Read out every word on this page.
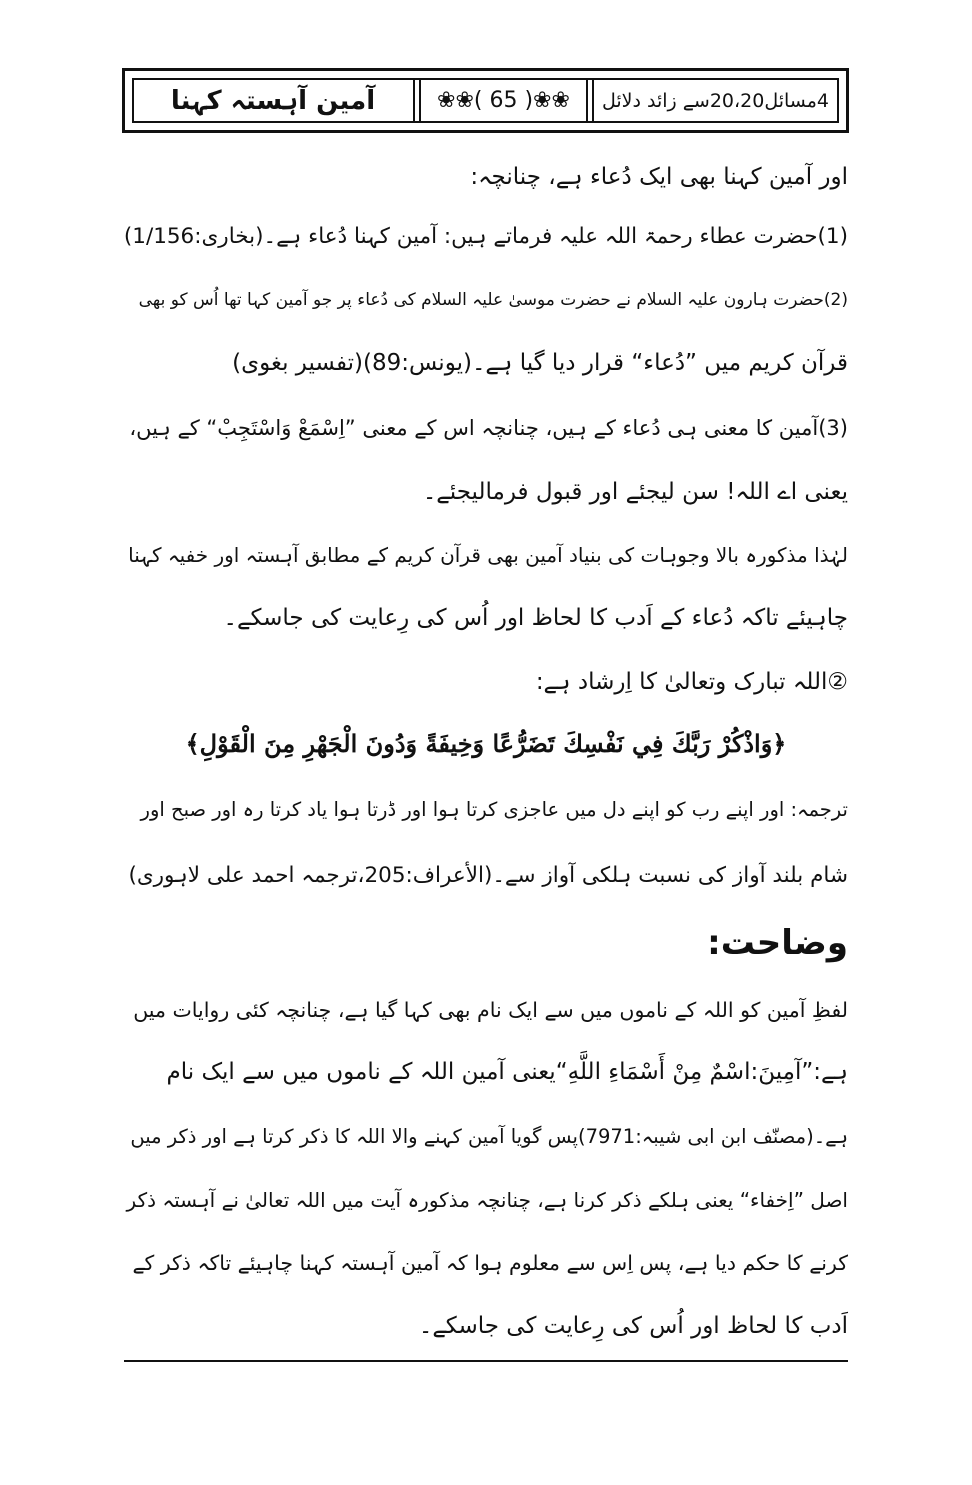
4مسائل20،20سے زائد دلائل
❀❀( 65 )❀❀
آمین آہستہ کہنا
اور آمین کہنا بھی ایک دُعاء ہے، چنانچہ:
(1)حضرت عطاء رحمۃ اللہ علیہ فرماتے ہیں: آمین کہنا دُعاء ہے۔(بخاری:1/156)
(2)حضرت ہارون علیہ السلام نے حضرت موسیٰ علیہ السلام کی دُعاء پر جو آمین کہا تھا اُس کو بھی
قرآن کریم میں ”دُعاء“ قرار دیا گیا ہے۔(یونس:89)(تفسیر بغوی)
(3)آمین کا معنی ہی دُعاء کے ہیں، چنانچہ اس کے معنی ”اِسْمَعْ وَاسْتَجِبْ“ کے ہیں،
یعنی اے اللہ! سن لیجئے اور قبول فرمالیجئے۔
لہٰذا مذکورہ بالا وجوہات کی بنیاد آمین بھی قرآن کریم کے مطابق آہستہ اور خفیہ کہنا
چاہیئے تاکہ دُعاء کے اَدب کا لحاظ اور اُس کی رِعایت کی جاسکے۔
②اللہ تبارک وتعالیٰ کا اِرشاد ہے:
﴿وَاذْكُرْ رَبَّكَ فِي نَفْسِكَ تَضَرُّعًا وَخِيفَةً وَدُونَ الْجَهْرِ مِنَ الْقَوْلِ﴾
ترجمہ: اور اپنے رب کو اپنے دل میں عاجزی کرتا ہوا اور ڈرتا ہوا یاد کرتا رہ اور صبح اور
شام بلند آواز کی نسبت ہلکی آواز سے۔(الأعراف:205،ترجمہ احمد علی لاہوری)
وضاحت:
لفظِ آمین کو اللہ کے ناموں میں سے ایک نام بھی کہا گیا ہے، چنانچہ کئی روایات میں
ہے:”آمِینَ:اسْمٌ مِنْ أَسْمَاءِ اللَّهِ“یعنی آمین اللہ کے ناموں میں سے ایک نام
ہے۔(مصنّف ابن ابی شیبہ:7971)پس گویا آمین کہنے والا اللہ کا ذکر کرتا ہے اور ذکر میں
اصل ”اِخفاء“ یعنی ہلکے ذکر کرنا ہے، چنانچہ مذکورہ آیت میں اللہ تعالیٰ نے آہستہ ذکر
کرنے کا حکم دیا ہے، پس اِس سے معلوم ہوا کہ آمین آہستہ کہنا چاہیئے تاکہ ذکر کے
اَدب کا لحاظ اور اُس کی رِعایت کی جاسکے۔
